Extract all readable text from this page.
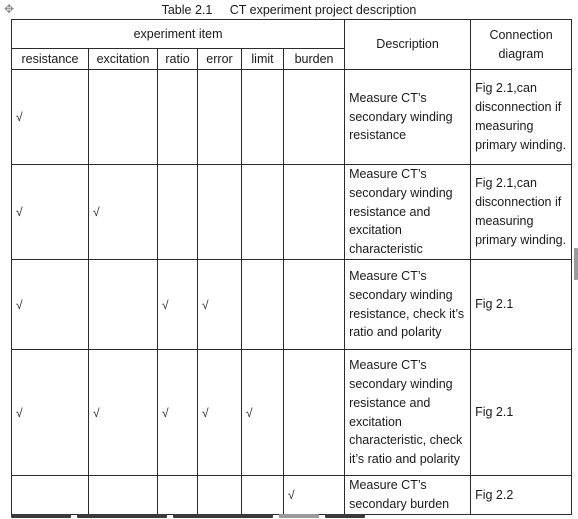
✥	Table 2.1     CT experiment project description
experiment item						Description	Connection diagram
resistance	excitation	ratio	error	limit	burden		
√						Measure CT’s secondary winding resistance	Fig 2.1,can disconnection if measuring primary winding.
√	√					Measure CT’s secondary winding resistance and excitation characteristic	Fig 2.1,can disconnection if measuring primary winding.
√		√	√			Measure CT’s secondary winding resistance, check it’s ratio and polarity	Fig 2.1
√	√	√	√	√		Measure CT’s secondary winding resistance and excitation characteristic, check it’s ratio and polarity	Fig 2.1
					√	Measure CT’s secondary burden	Fig 2.2
